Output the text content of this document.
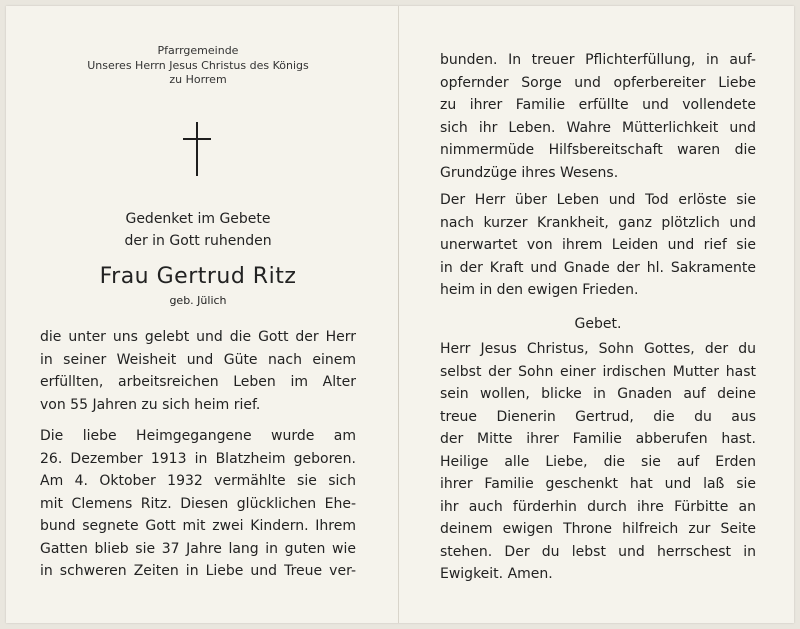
Pfarrgemeinde
Unseres Herrn Jesus Christus des Königs
zu Horrem
Gedenket im Gebete
der in Gott ruhenden
Frau Gertrud Ritz
geb. Jülich
die unter uns gelebt und die Gott der Herr
in seiner Weisheit und Güte nach einem
erfüllten, arbeitsreichen Leben im Alter
von 55 Jahren zu sich heim rief.
Die liebe Heimgegangene wurde am
26. Dezember 1913 in Blatzheim geboren.
Am 4. Oktober 1932 vermählte sie sich
mit Clemens Ritz. Diesen glücklichen Ehe-
bund segnete Gott mit zwei Kindern. Ihrem
Gatten blieb sie 37 Jahre lang in guten wie
in schweren Zeiten in Liebe und Treue ver-
bunden. In treuer Pflichterfüllung, in auf-
opfernder Sorge und opferbereiter Liebe
zu ihrer Familie erfüllte und vollendete
sich ihr Leben. Wahre Mütterlichkeit und
nimmermüde Hilfsbereitschaft waren die
Grundzüge ihres Wesens.
Der Herr über Leben und Tod erlöste sie
nach kurzer Krankheit, ganz plötzlich und
unerwartet von ihrem Leiden und rief sie
in der Kraft und Gnade der hl. Sakramente
heim in den ewigen Frieden.
Gebet.
Herr Jesus Christus, Sohn Gottes, der du
selbst der Sohn einer irdischen Mutter hast
sein wollen, blicke in Gnaden auf deine
treue Dienerin Gertrud, die du aus
der Mitte ihrer Familie abberufen hast.
Heilige alle Liebe, die sie auf Erden
ihrer Familie geschenkt hat und laß sie
ihr auch fürderhin durch ihre Fürbitte an
deinem ewigen Throne hilfreich zur Seite
stehen. Der du lebst und herrschest in
Ewigkeit. Amen.
